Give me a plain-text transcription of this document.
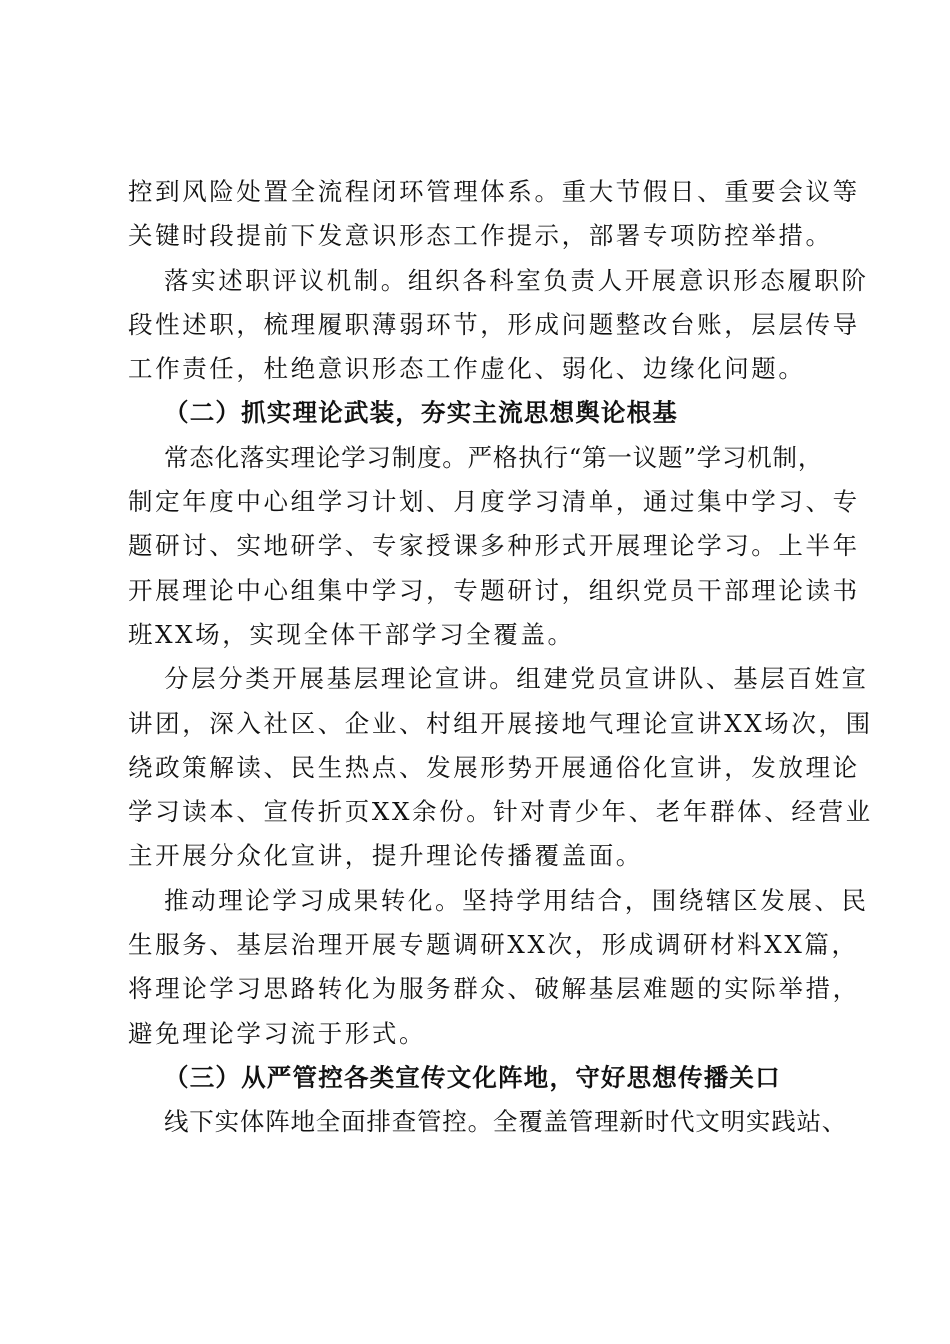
控到风险处置全流程闭环管理体系。重大节假日、重要会议等
关键时段提前下发意识形态工作提示，部署专项防控举措。
落实述职评议机制。组织各科室负责人开展意识形态履职阶
段性述职，梳理履职薄弱环节，形成问题整改台账，层层传导
工作责任，杜绝意识形态工作虚化、弱化、边缘化问题。
（二）抓实理论武装，夯实主流思想舆论根基
常态化落实理论学习制度。严格执行“第一议题”学习机制，
制定年度中心组学习计划、月度学习清单，通过集中学习、专
题研讨、实地研学、专家授课多种形式开展理论学习。上半年
开展理论中心组集中学习，专题研讨，组织党员干部理论读书
班XX场，实现全体干部学习全覆盖。
分层分类开展基层理论宣讲。组建党员宣讲队、基层百姓宣
讲团，深入社区、企业、村组开展接地气理论宣讲XX场次，围
绕政策解读、民生热点、发展形势开展通俗化宣讲，发放理论
学习读本、宣传折页XX余份。针对青少年、老年群体、经营业
主开展分众化宣讲，提升理论传播覆盖面。
推动理论学习成果转化。坚持学用结合，围绕辖区发展、民
生服务、基层治理开展专题调研XX次，形成调研材料XX篇，
将理论学习思路转化为服务群众、破解基层难题的实际举措，
避免理论学习流于形式。
（三）从严管控各类宣传文化阵地，守好思想传播关口
线下实体阵地全面排查管控。全覆盖管理新时代文明实践站、
